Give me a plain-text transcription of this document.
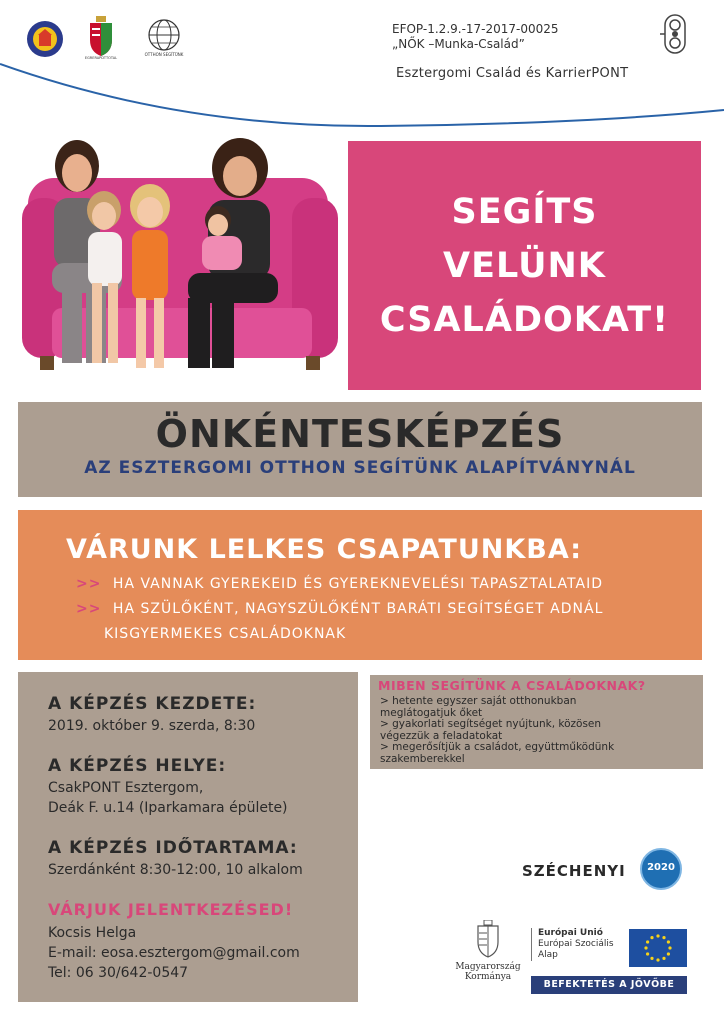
EGRERAPDTTOTAL
OTTHON SEGÍTÜNK
EFOP-1.2.9.-17-2017-00025
„NŐK –Munka-Család”
Esztergomi Család és KarrierPONT
SEGÍTS
VELÜNK
CSALÁDOKAT!
ÖNKÉNTESKÉPZÉS
AZ ESZTERGOMI OTTHON SEGÍTÜNK ALAPÍTVÁNYNÁL
VÁRUNK LELKES CSAPATUNKBA:
>> HA VANNAK GYEREKEID ÉS GYEREKNEVELÉSI TAPASZTALATAID
>> HA SZÜLŐKÉNT, NAGYSZÜLŐKÉNT BARÁTI SEGÍTSÉGET ADNÁL
KISGYERMEKES CSALÁDOKNAK
A KÉPZÉS KEZDETE:
2019. október 9. szerda, 8:30
A KÉPZÉS HELYE:
CsakPONT Esztergom,
Deák F. u.14 (Iparkamara épülete)
A KÉPZÉS IDŐTARTAMA:
Szerdánként 8:30-12:00, 10 alkalom
VÁRJUK JELENTKEZÉSED!
Kocsis Helga
E-mail: eosa.esztergom@gmail.com
Tel: 06 30/642-0547
MIBEN SEGÍTÜNK A CSALÁDOKNAK?
> hetente egyszer saját otthonukban
meglátogatjuk őket
> gyakorlati segítséget nyújtunk, közösen
végezzük a feladatokat
> megerősítjük a családot, együttműködünk
szakemberekkel
SZÉCHENYI	2020
Magyarország
Kormánya
Európai Unió
Európai Szociális
Alap
BEFEKTETÉS A JÖVŐBE
